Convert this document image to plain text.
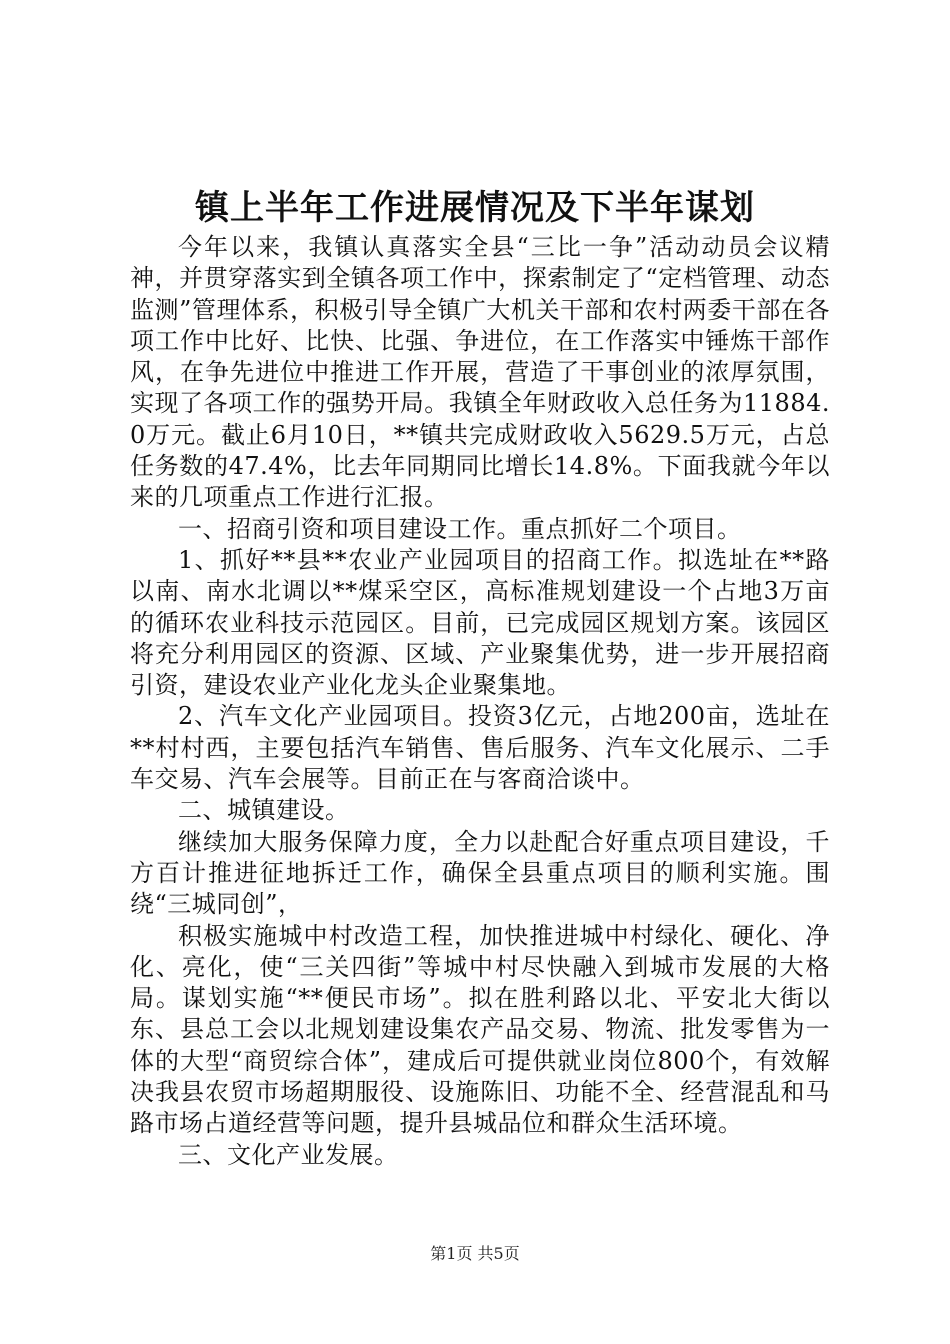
镇上半年工作进展情况及下半年谋划

今年以来，我镇认真落实全县“三比一争”活动动员会议精神，并贯穿落实到全镇各项工作中，探索制定了“定档管理、动态监测”管理体系，积极引导全镇广大机关干部和农村两委干部在各项工作中比好、比快、比强、争进位，在工作落实中锤炼干部作风，在争先进位中推进工作开展，营造了干事创业的浓厚氛围，实现了各项工作的强势开局。我镇全年财政收入总任务为11884.0万元。截止6月10日，**镇共完成财政收入5629.5万元，占总任务数的47.4%，比去年同期同比增长14.8%。下面我就今年以来的几项重点工作进行汇报。

一、招商引资和项目建设工作。重点抓好二个项目。

1、抓好**县**农业产业园项目的招商工作。拟选址在**路以南、南水北调以**煤采空区，高标准规划建设一个占地3万亩的循环农业科技示范园区。目前，已完成园区规划方案。该园区将充分利用园区的资源、区域、产业聚集优势，进一步开展招商引资，建设农业产业化龙头企业聚集地。

2、汽车文化产业园项目。投资3亿元，占地200亩，选址在**村村西，主要包括汽车销售、售后服务、汽车文化展示、二手车交易、汽车会展等。目前正在与客商洽谈中。

二、城镇建设。

继续加大服务保障力度，全力以赴配合好重点项目建设，千方百计推进征地拆迁工作，确保全县重点项目的顺利实施。围绕“三城同创”，

积极实施城中村改造工程，加快推进城中村绿化、硬化、净化、亮化，使“三关四街”等城中村尽快融入到城市发展的大格局。谋划实施“**便民市场”。拟在胜利路以北、平安北大街以东、县总工会以北规划建设集农产品交易、物流、批发零售为一体的大型“商贸综合体”，建成后可提供就业岗位800个，有效解决我县农贸市场超期服役、设施陈旧、功能不全、经营混乱和马路市场占道经营等问题，提升县城品位和群众生活环境。

三、文化产业发展。

第1页 共5页
